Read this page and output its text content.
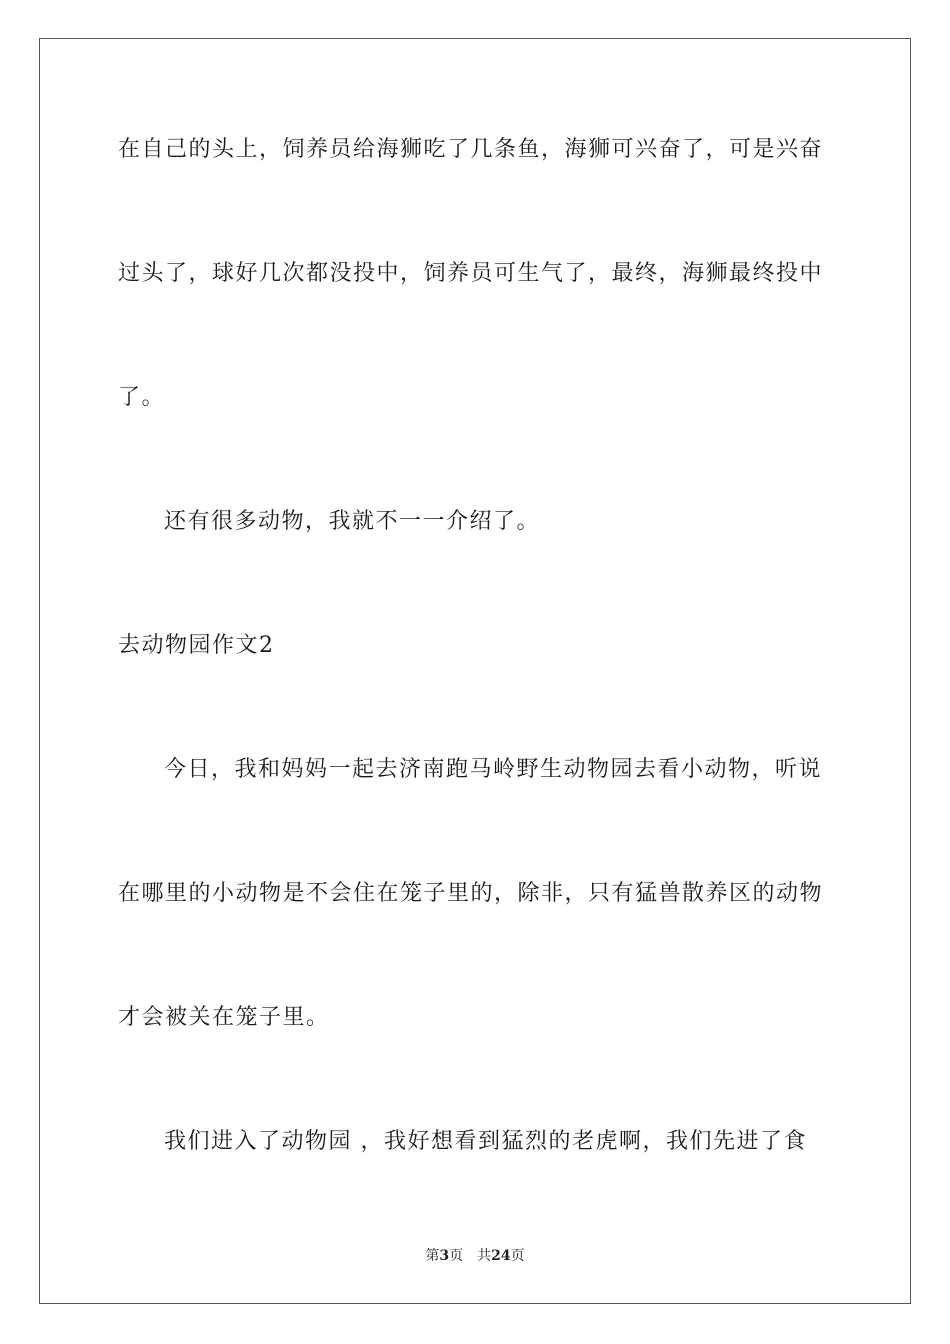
在自己的头上，饲养员给海狮吃了几条鱼，海狮可兴奋了，可是兴奋
过头了，球好几次都没投中，饲养员可生气了，最终，海狮最终投中
了。
还有很多动物，我就不一一介绍了。
去动物园作文2
今日，我和妈妈一起去济南跑马岭野生动物园去看小动物，听说
在哪里的小动物是不会住在笼子里的，除非，只有猛兽散养区的动物
才会被关在笼子里。
我们进入了动物园 ，我好想看到猛烈的老虎啊，我们先进了食
第3页 共24页
